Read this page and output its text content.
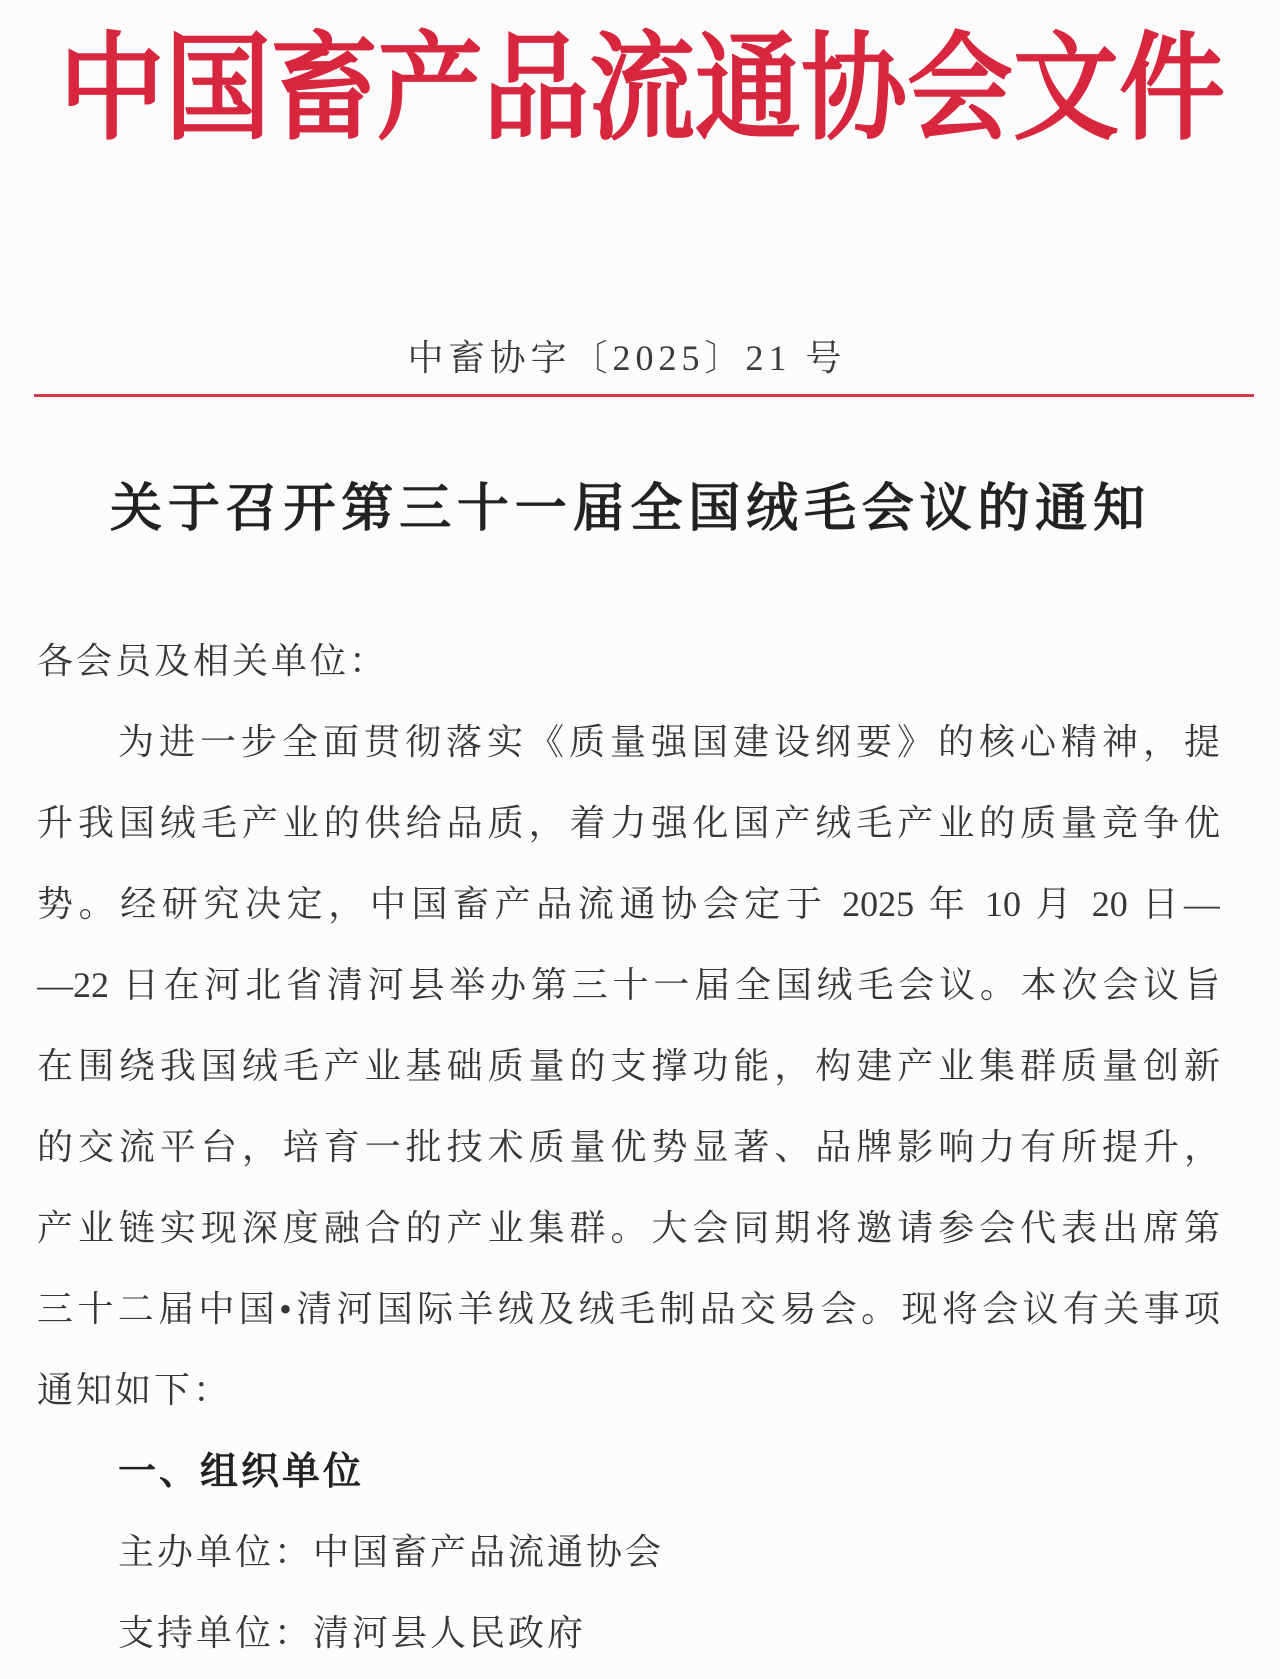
中国畜产品流通协会文件
中畜协字〔2025〕21 号
关于召开第三十一届全国绒毛会议的通知
各会员及相关单位：
为进一步全面贯彻落实《质量强国建设纲要》的核心精神，提
升我国绒毛产业的供给品质，着力强化国产绒毛产业的质量竞争优
势。经研究决定，中国畜产品流通协会定于 2025 年 10 月 20 日—
—22 日在河北省清河县举办第三十一届全国绒毛会议。本次会议旨
在围绕我国绒毛产业基础质量的支撑功能，构建产业集群质量创新
的交流平台，培育一批技术质量优势显著、品牌影响力有所提升，
产业链实现深度融合的产业集群。大会同期将邀请参会代表出席第
三十二届中国•清河国际羊绒及绒毛制品交易会。现将会议有关事项
通知如下：
一、组织单位
主办单位：中国畜产品流通协会
支持单位：清河县人民政府
